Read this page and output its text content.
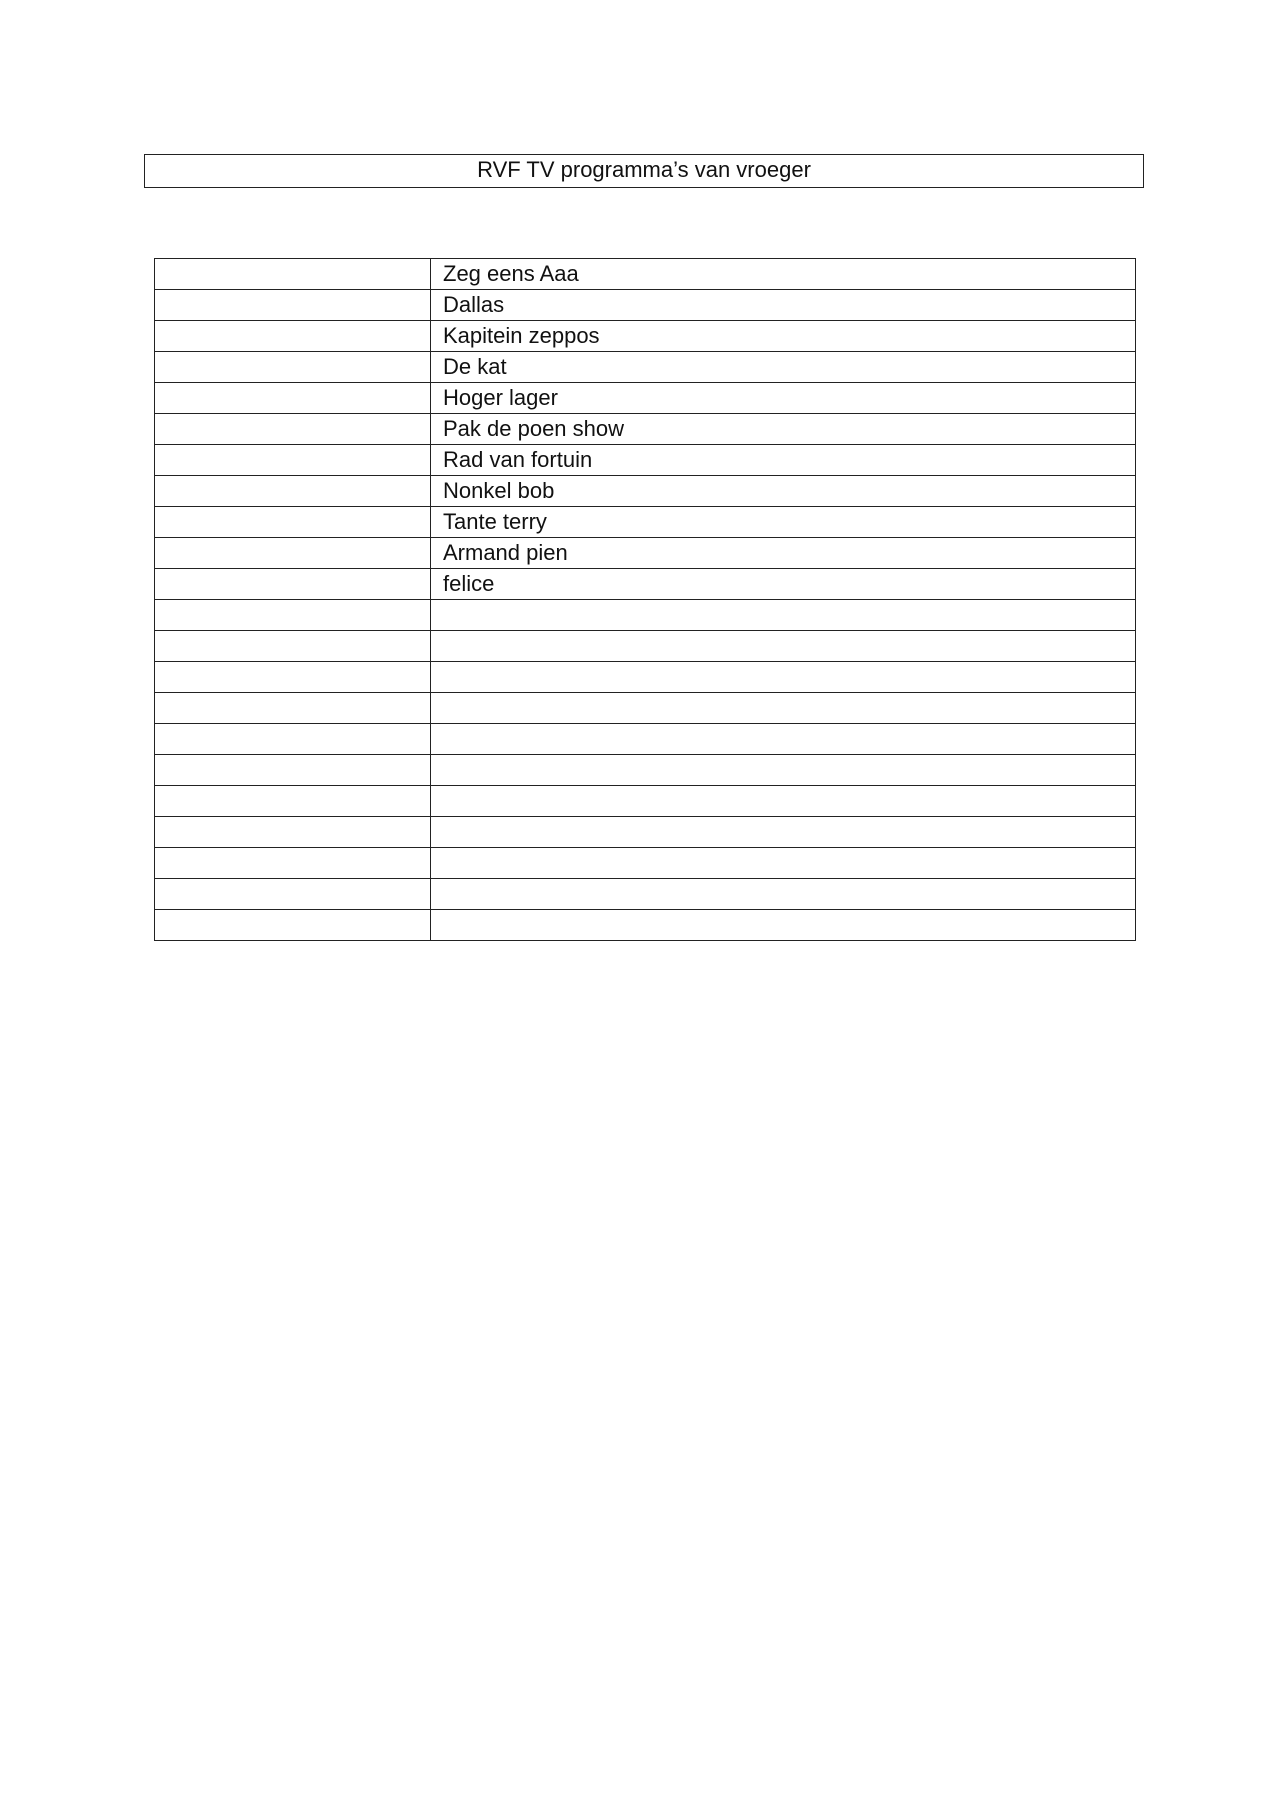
RVF TV programma’s van vroeger
	Zeg eens Aaa
	Dallas
	Kapitein zeppos
	De kat
	Hoger lager
	Pak de poen show
	Rad van fortuin
	Nonkel bob
	Tante terry
	Armand pien
	felice
